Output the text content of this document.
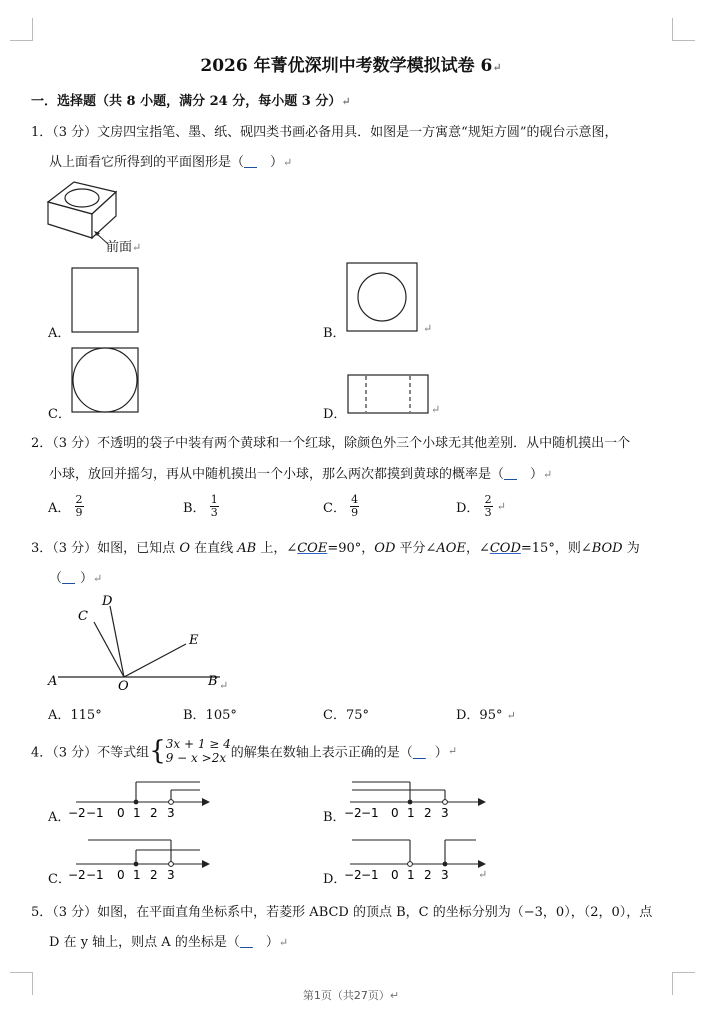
2026 年菁优深圳中考数学模拟试卷 6↵
一．选择题（共 8 小题，满分 24 分，每小题 3 分）↵
1．（3 分）文房四宝指笔、墨、纸、砚四类书画必备用具．如图是一方寓意“规矩方圆”的砚台示意图，
从上面看它所得到的平面图形是（　 ）↵
前面↵
A．	B．	↵
C．	D．	↵
2．（3 分）不透明的袋子中装有两个黄球和一个红球，除颜色外三个小球无其他差别．从中随机摸出一个
小球，放回并摇匀，再从中随机摸出一个小球，那么两次都摸到黄球的概率是（　 ）↵
A． $\frac{2}{9}$	B． $\frac{1}{3}$	C． $\frac{4}{9}$	D． $\frac{2}{3}$ ↵
3．（3 分）如图，已知点 O 在直线 AB 上，∠COE=90°，OD 平分∠AOE，∠COD=15°，则∠BOD 为
（　 ）↵
A	O	B
C
D
E
↵
A．115°	B．105°	C．75°	D．95° ↵
4．（3 分）不等式组{ 3x + 1 ≥ 4
9 − x >2x 的解集在数轴上表示正确的是（　 ）↵
A．
−2 −1 0 1 2 3	B．
−2 −1 0 1 2 3
C．
−2 −1 0 1 2 3	D．
−2 −1 0 1 2 3	↵
5．（3 分）如图，在平面直角坐标系中，若菱形 ABCD 的顶点 B，C 的坐标分别为（−3，0），（2，0），点
D 在 y 轴上，则点 A 的坐标是（　 ）↵
第1页（共27页）↵
